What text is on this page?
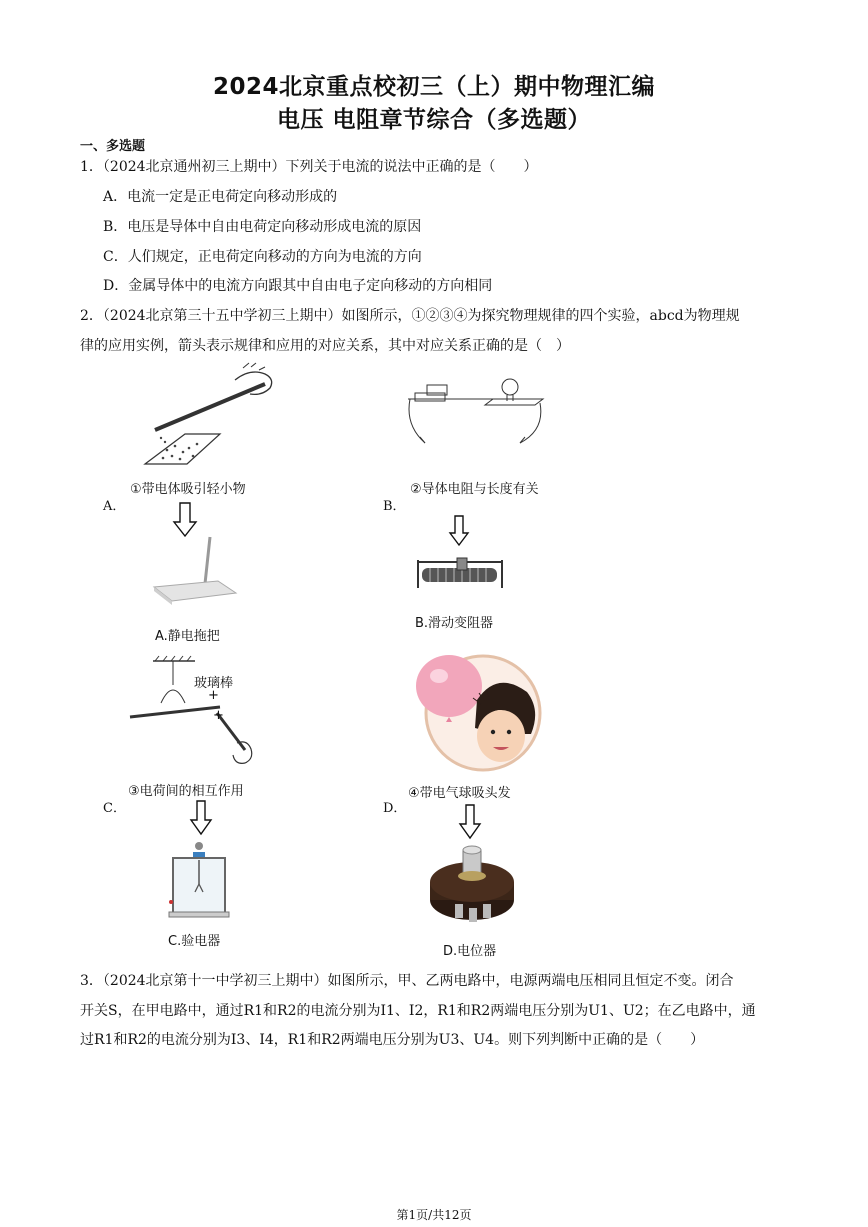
2024北京重点校初三（上）期中物理汇编
电压 电阻章节综合（多选题）
一、多选题
1．（2024北京通州初三上期中）下列关于电流的说法中正确的是（　　）
A．电流一定是正电荷定向移动形成的
B．电压是导体中自由电荷定向移动形成电流的原因
C．人们规定，正电荷定向移动的方向为电流的方向
D．金属导体中的电流方向跟其中自由电子定向移动的方向相同
2．（2024北京第三十五中学初三上期中）如图所示，①②③④为探究物理规律的四个实验，abcd为物理规
律的应用实例，箭头表示规律和应用的对应关系，其中对应关系正确的是（　）
①带电体吸引轻小物
A．
A.静电拖把
②导体电阻与长度有关
B．
B.滑动变阻器
玻璃棒
+
+
③电荷间的相互作用
C．
C.验电器
④带电气球吸头发
D．
D.电位器
3．（2024北京第十一中学初三上期中）如图所示，甲、乙两电路中，电源两端电压相同且恒定不变。闭合
开关S，在甲电路中，通过R1和R2的电流分别为I1、I2，R1和R2两端电压分别为U1、U2；在乙电路中，通
过R1和R2的电流分别为I3、I4，R1和R2两端电压分别为U3、U4。则下列判断中正确的是（　　）
第1页/共12页
